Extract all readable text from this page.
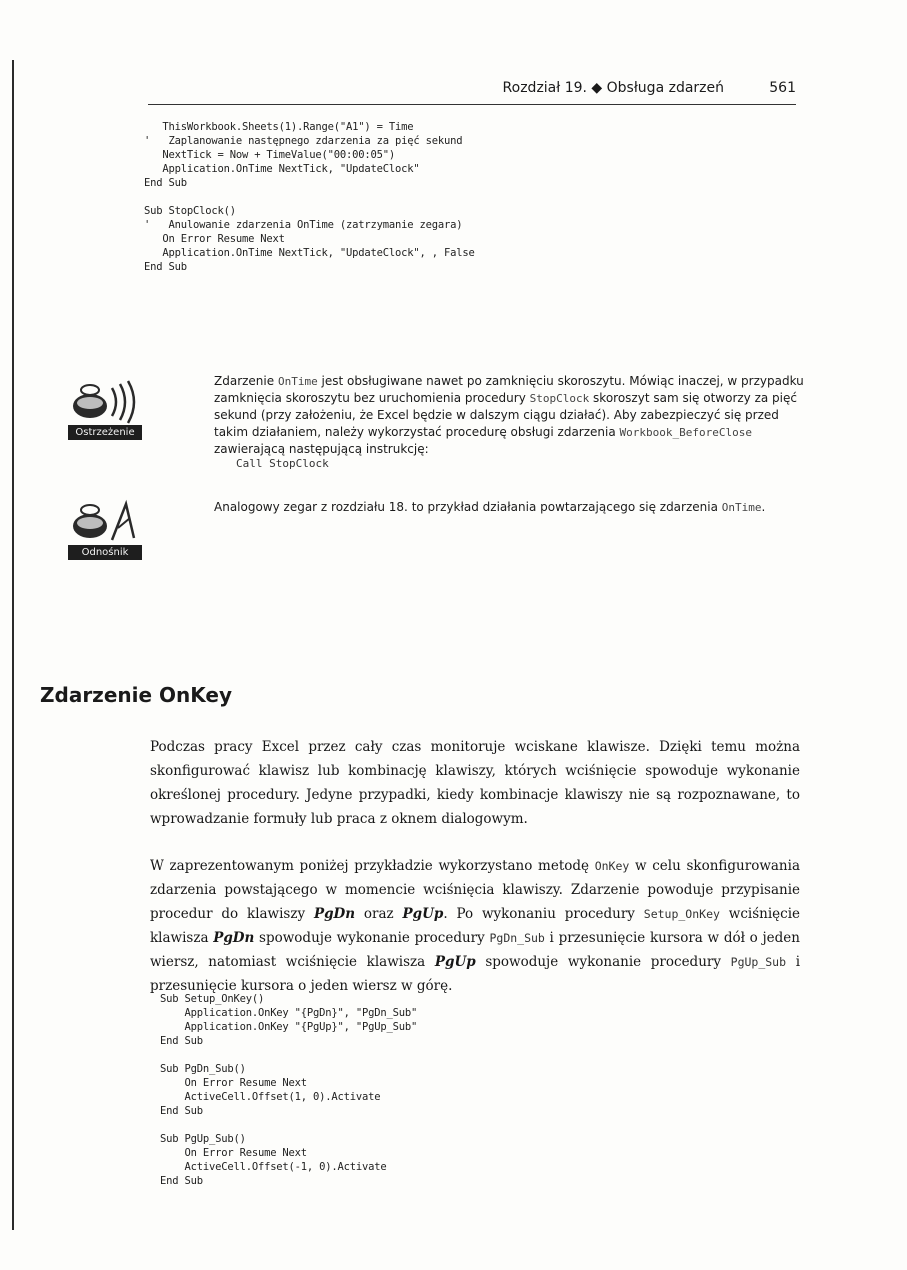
Rozdział 19. ◆ Obsługa zdarzeń	561
ThisWorkbook.Sheets(1).Range("A1") = Time
'   Zaplanowanie następnego zdarzenia za pięć sekund
NextTick = Now + TimeValue("00:00:05")
Application.OnTime NextTick, "UpdateClock"
End Sub

Sub StopClock()
'   Anulowanie zdarzenia OnTime (zatrzymanie zegara)
On Error Resume Next
Application.OnTime NextTick, "UpdateClock", , False
End Sub
Ostrzeżenie
Zdarzenie OnTime jest obsługiwane nawet po zamknięciu skoroszytu. Mówiąc inaczej, w przypadku zamknięcia skoroszytu bez uruchomienia procedury StopClock skoroszyt sam się otworzy za pięć sekund (przy założeniu, że Excel będzie w dalszym ciągu działać). Aby zabezpieczyć się przed takim działaniem, należy wykorzystać procedurę obsługi zdarzenia Workbook_BeforeClose zawierającą następującą instrukcję:
Call StopClock
Odnośnik
Analogowy zegar z rozdziału 18. to przykład działania powtarzającego się zdarzenia OnTime.
Zdarzenie OnKey
Podczas pracy Excel przez cały czas monitoruje wciskane klawisze. Dzięki temu można skonfigurować klawisz lub kombinację klawiszy, których wciśnięcie spowoduje wykonanie określonej procedury. Jedyne przypadki, kiedy kombinacje klawiszy nie są rozpoznawane, to wprowadzanie formuły lub praca z oknem dialogowym.
W zaprezentowanym poniżej przykładzie wykorzystano metodę OnKey w celu skonfigurowania zdarzenia powstającego w momencie wciśnięcia klawiszy. Zdarzenie powoduje przypisanie procedur do klawiszy PgDn oraz PgUp. Po wykonaniu procedury Setup_OnKey wciśnięcie klawisza PgDn spowoduje wykonanie procedury PgDn_Sub i przesunięcie kursora w dół o jeden wiersz, natomiast wciśnięcie klawisza PgUp spowoduje wykonanie procedury PgUp_Sub i przesunięcie kursora o jeden wiersz w górę.
Sub Setup_OnKey()
Application.OnKey "{PgDn}", "PgDn_Sub"
Application.OnKey "{PgUp}", "PgUp_Sub"
End Sub

Sub PgDn_Sub()
On Error Resume Next
ActiveCell.Offset(1, 0).Activate
End Sub

Sub PgUp_Sub()
On Error Resume Next
ActiveCell.Offset(-1, 0).Activate
End Sub
